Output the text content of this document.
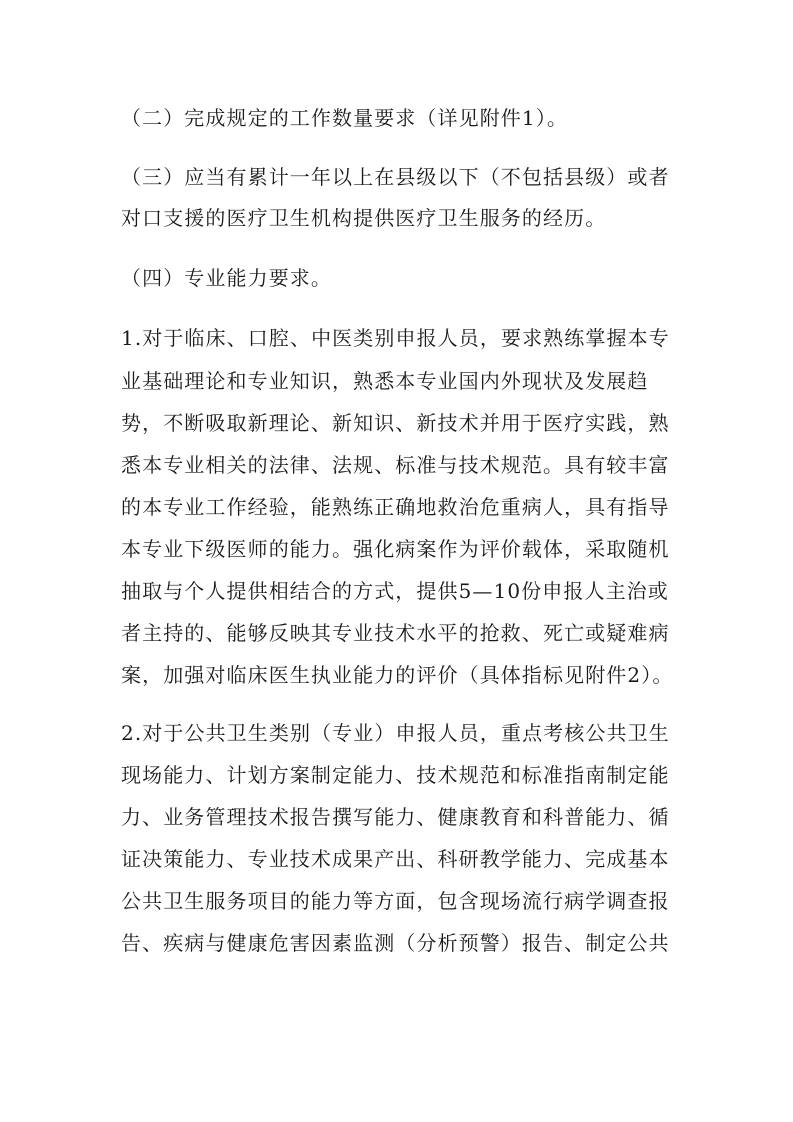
（二）完成规定的工作数量要求（详见附件1）。
（三）应当有累计一年以上在县级以下（不包括县级）或者
对口支援的医疗卫生机构提供医疗卫生服务的经历。
（四）专业能力要求。
1.对于临床、口腔、中医类别申报人员，要求熟练掌握本专
业基础理论和专业知识，熟悉本专业国内外现状及发展趋
势，不断吸取新理论、新知识、新技术并用于医疗实践，熟
悉本专业相关的法律、法规、标准与技术规范。具有较丰富
的本专业工作经验，能熟练正确地救治危重病人，具有指导
本专业下级医师的能力。强化病案作为评价载体，采取随机
抽取与个人提供相结合的方式，提供5—10份申报人主治或
者主持的、能够反映其专业技术水平的抢救、死亡或疑难病
案，加强对临床医生执业能力的评价（具体指标见附件2）。
2.对于公共卫生类别（专业）申报人员，重点考核公共卫生
现场能力、计划方案制定能力、技术规范和标准指南制定能
力、业务管理技术报告撰写能力、健康教育和科普能力、循
证决策能力、专业技术成果产出、科研教学能力、完成基本
公共卫生服务项目的能力等方面，包含现场流行病学调查报
告、疾病与健康危害因素监测（分析预警）报告、制定公共
